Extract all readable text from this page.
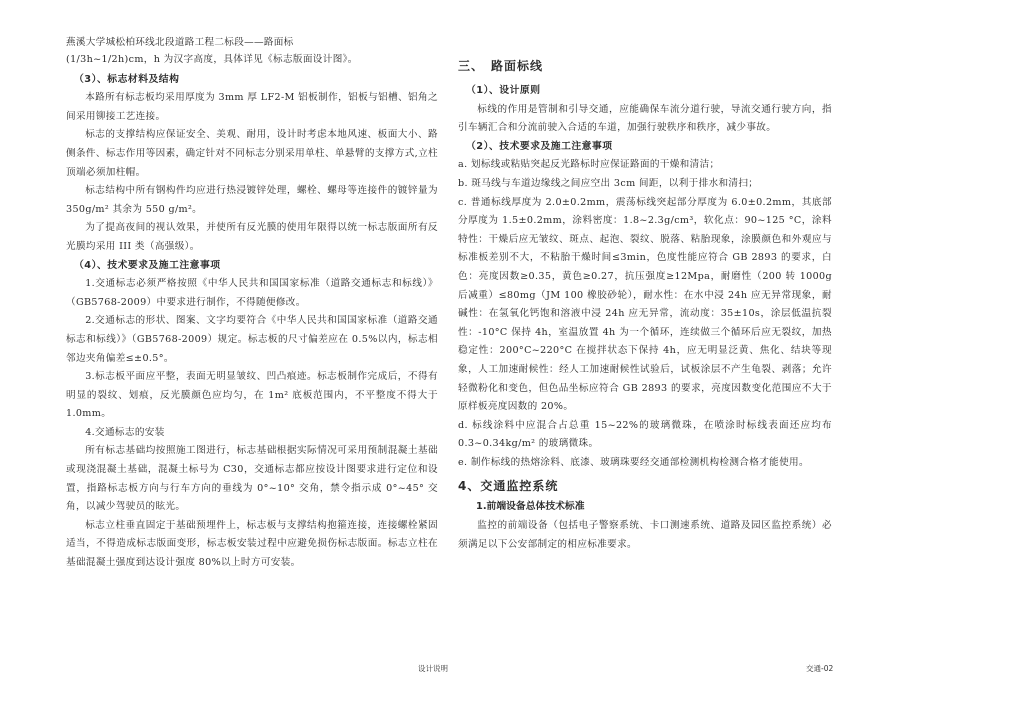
燕溪大学城松柏环线北段道路工程二标段——路面标

(1/3h~1/2h)cm，h 为汉字高度，具体详见《标志版面设计图》。

（3）、标志材料及结构

本路所有标志板均采用厚度为 3mm 厚 LF2-M 铝板制作，铝板与铝槽、铝角之间采用铆接工艺连接。

标志的支撑结构应保证安全、美观、耐用，设计时考虑本地风速、板面大小、路侧条件、标志作用等因素，确定针对不同标志分别采用单柱、单悬臂的支撑方式,立柱顶端必须加柱帽。

标志结构中所有钢构件均应进行热浸镀锌处理，螺栓、螺母等连接件的镀锌量为 350g/m² 其余为 550 g/m²。

为了提高夜间的视认效果，并使所有反光膜的使用年限得以统一标志版面所有反光膜均采用 III 类（高强级）。

（4）、技术要求及施工注意事项

1.交通标志必须严格按照《中华人民共和国国家标准（道路交通标志和标线）》（GB5768-2009）中要求进行制作，不得随便修改。

2.交通标志的形状、图案、文字均要符合《中华人民共和国国家标准（道路交通标志和标线）》（GB5768-2009）规定。标志板的尺寸偏差应在 0.5%以内，标志相邻边夹角偏差≤±0.5°。

3.标志板平面应平整，表面无明显皱纹、凹凸痕迹。标志板制作完成后，不得有明显的裂纹、划痕，反光膜颜色应均匀，在 1m² 底板范围内，不平整度不得大于 1.0mm。

4.交通标志的安装

所有标志基础均按照施工图进行，标志基础根据实际情况可采用预制混凝土基础或现浇混凝土基础，混凝土标号为 C30，交通标志都应按设计图要求进行定位和设置，指路标志板方向与行车方向的垂线为 0°~10° 交角，禁令指示成 0°~45° 交角，以减少驾驶员的眩光。

标志立柱垂直固定于基础预埋件上，标志板与支撑结构抱箍连接，连接螺栓紧固适当，不得造成标志版面变形，标志板安装过程中应避免损伤标志版面。标志立柱在基础混凝土强度到达设计强度 80%以上时方可安装。

三、　路面标线

（1）、设计原则

标线的作用是管制和引导交通，应能确保车流分道行驶，导流交通行驶方向，指引车辆汇合和分流前驶入合适的车道，加强行驶秩序和秩序，减少事故。

（2）、技术要求及施工注意事项

a. 划标线或粘贴突起反光路标时应保证路面的干燥和清洁；

b. 斑马线与车道边缘线之间应空出 3cm 间距，以利于排水和清扫；

c. 普通标线厚度为 2.0±0.2mm，震荡标线突起部分厚度为 6.0±0.2mm，其底部分厚度为 1.5±0.2mm，涂料密度：1.8~2.3g/cm³，软化点：90~125 °C，涂料特性：干燥后应无皱纹、斑点、起泡、裂纹、脱落、粘胎现象，涂膜颜色和外观应与标准板差别不大，不粘胎干燥时间≤3min，色度性能应符合 GB 2893 的要求，白色：亮度因数≥0.35，黄色≥0.27，抗压强度≥12Mpa，耐磨性（200 转 1000g 后减重）≤80mg（JM 100 橡胶砂轮），耐水性：在水中浸 24h 应无异常现象，耐碱性：在氢氧化钙饱和溶液中浸 24h 应无异常，流动度：35±10s，涂层低温抗裂性：-10°C 保持 4h，室温放置 4h 为一个循环，连续做三个循环后应无裂纹，加热稳定性：200°C~220°C 在搅拌状态下保持 4h，应无明显泛黄、焦化、结块等现象，人工加速耐候性：经人工加速耐候性试验后，试板涂层不产生龟裂、剥落；允许轻微粉化和变色，但色品坐标应符合 GB 2893 的要求，亮度因数变化范围应不大于原样板亮度因数的 20%。

d. 标线涂料中应混合占总重 15~22%的玻璃微珠，在喷涂时标线表面还应均布 0.3~0.34kg/m² 的玻璃微珠。

e. 制作标线的热熔涂料、底漆、玻璃珠要经交通部检测机构检测合格才能使用。

4、交通监控系统

1.前端设备总体技术标准

监控的前端设备（包括电子警察系统、卡口测速系统、道路及园区监控系统）必须满足以下公安部制定的相应标准要求。

设计说明	交通-02
